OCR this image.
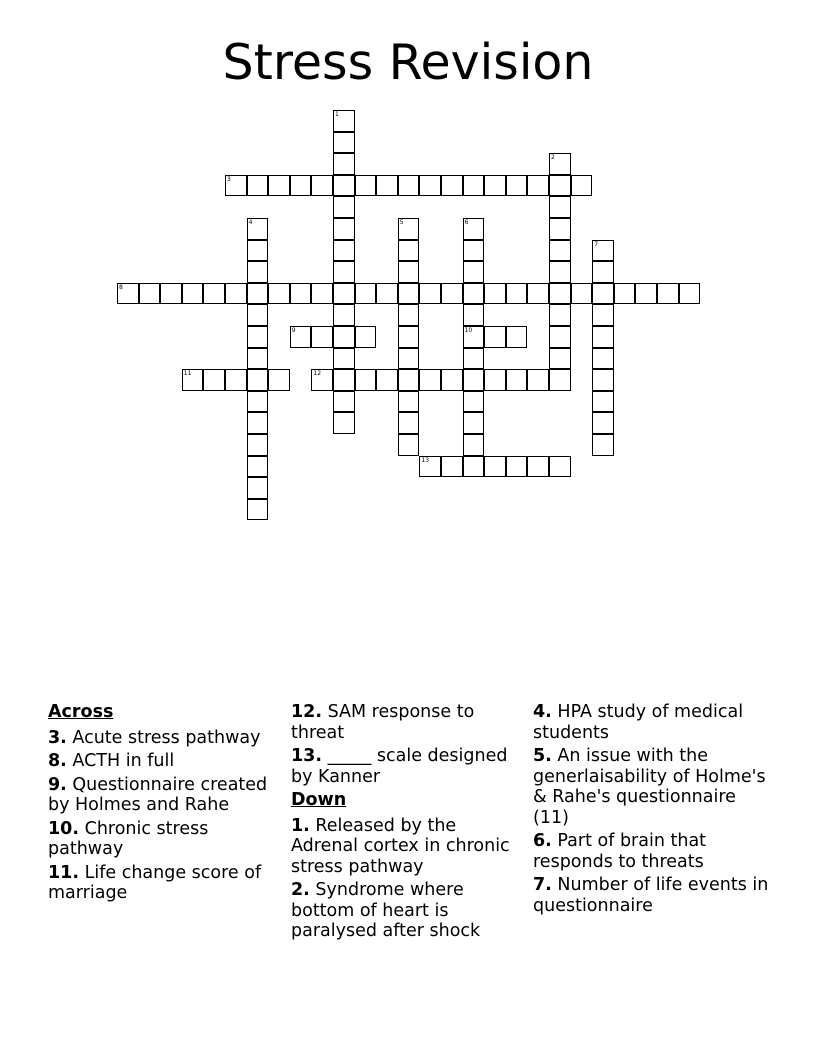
Stress Revision
1
2
3
4	5	6
10
7
8
9
11	12
13
Across
3. Acute stress pathway
8. ACTH in full
9. Questionnaire created by Holmes and Rahe
10. Chronic stress pathway
11. Life change score of marriage
12. SAM response to threat
13. _____ scale designed by Kanner
Down
1. Released by the Adrenal cortex in chronic stress pathway
2. Syndrome where bottom of heart is paralysed after shock
4. HPA study of medical students
5. An issue with the generlaisability of Holme's & Rahe's questionnaire (11)
6. Part of brain that responds to threats
7. Number of life events in questionnaire
